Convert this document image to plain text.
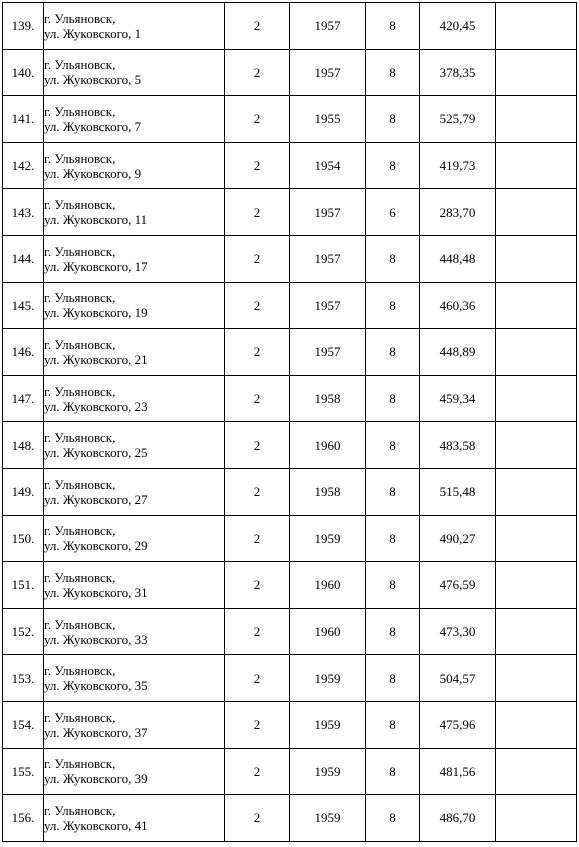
139.	г. Ульяновск,
ул. Жуковского, 1	2	1957	8	420,45	
140.	г. Ульяновск,
ул. Жуковского, 5	2	1957	8	378,35	
141.	г. Ульяновск,
ул. Жуковского, 7	2	1955	8	525,79	
142.	г. Ульяновск,
ул. Жуковского, 9	2	1954	8	419,73	
143.	г. Ульяновск,
ул. Жуковского, 11	2	1957	6	283,70	
144.	г. Ульяновск,
ул. Жуковского, 17	2	1957	8	448,48	
145.	г. Ульяновск,
ул. Жуковского, 19	2	1957	8	460,36	
146.	г. Ульяновск,
ул. Жуковского, 21	2	1957	8	448,89	
147.	г. Ульяновск,
ул. Жуковского, 23	2	1958	8	459,34	
148.	г. Ульяновск,
ул. Жуковского, 25	2	1960	8	483,58	
149.	г. Ульяновск,
ул. Жуковского, 27	2	1958	8	515,48	
150.	г. Ульяновск,
ул. Жуковского, 29	2	1959	8	490,27	
151.	г. Ульяновск,
ул. Жуковского, 31	2	1960	8	476,59	
152.	г. Ульяновск,
ул. Жуковского, 33	2	1960	8	473,30	
153.	г. Ульяновск,
ул. Жуковского, 35	2	1959	8	504,57	
154.	г. Ульяновск,
ул. Жуковского, 37	2	1959	8	475,96	
155.	г. Ульяновск,
ул. Жуковского, 39	2	1959	8	481,56	
156.	г. Ульяновск,
ул. Жуковского, 41	2	1959	8	486,70	
